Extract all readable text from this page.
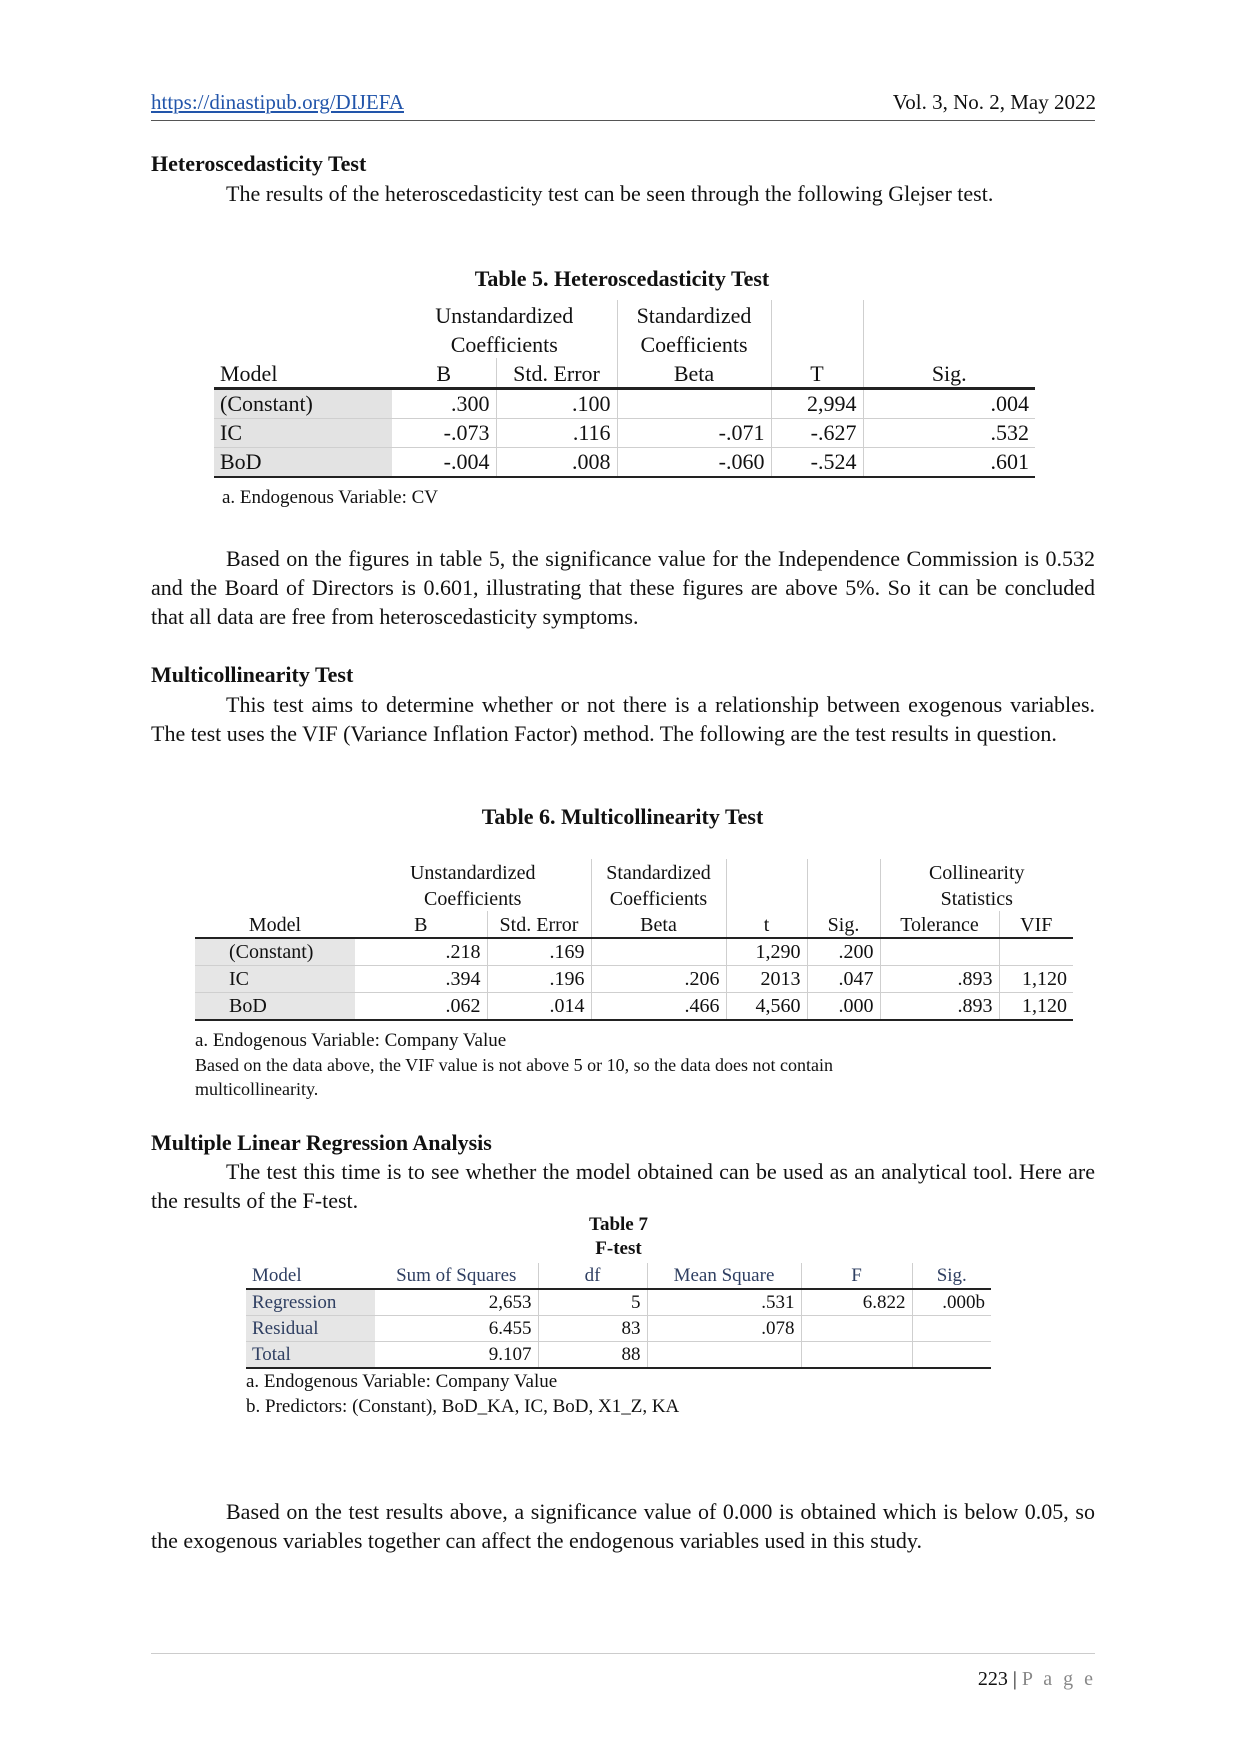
https://dinastipub.org/DIJEFA	Vol. 3, No. 2, May 2022
Heteroscedasticity Test
The results of the heteroscedasticity test can be seen through the following Glejser test.
Table 5. Heteroscedasticity Test
	Unstandardized		Standardized		
	Coefficients		Coefficients		
Model	B	Std. Error	Beta	T	Sig.
(Constant)	.300	.100		2,994	.004
IC	-.073	.116	-.071	-.627	.532
BoD	-.004	.008	-.060	-.524	.601
a. Endogenous Variable: CV
Based on the figures in table 5, the significance value for the Independence Commission is 0.532 and the Board of Directors is 0.601, illustrating that these figures are above 5%. So it can be concluded that all data are free from heteroscedasticity symptoms.
Multicollinearity Test
This test aims to determine whether or not there is a relationship between exogenous variables. The test uses the VIF (Variance Inflation Factor) method. The following are the test results in question.
Table 6. Multicollinearity Test
	Unstandardized		Standardized			Collinearity	
	Coefficients		Coefficients			Statistics	
Model	B	Std. Error	Beta	t	Sig.	Tolerance	VIF
(Constant)	.218	.169		1,290	.200		
IC	.394	.196	.206	2013	.047	.893	1,120
BoD	.062	.014	.466	4,560	.000	.893	1,120
a. Endogenous Variable: Company Value
Based on the data above, the VIF value is not above 5 or 10, so the data does not contain
multicollinearity.
Multiple Linear Regression Analysis
The test this time is to see whether the model obtained can be used as an analytical tool. Here are the results of the F-test.
Table 7
F-test
Model	Sum of Squares	df	Mean Square	F	Sig.
Regression	2,653	5	.531	6.822	.000b
Residual	6.455	83	.078		
Total	9.107	88			
a. Endogenous Variable: Company Value
b. Predictors: (Constant), BoD_KA, IC, BoD, X1_Z, KA
Based on the test results above, a significance value of 0.000 is obtained which is below 0.05, so the exogenous variables together can affect the endogenous variables used in this study.
223 | P a g e
